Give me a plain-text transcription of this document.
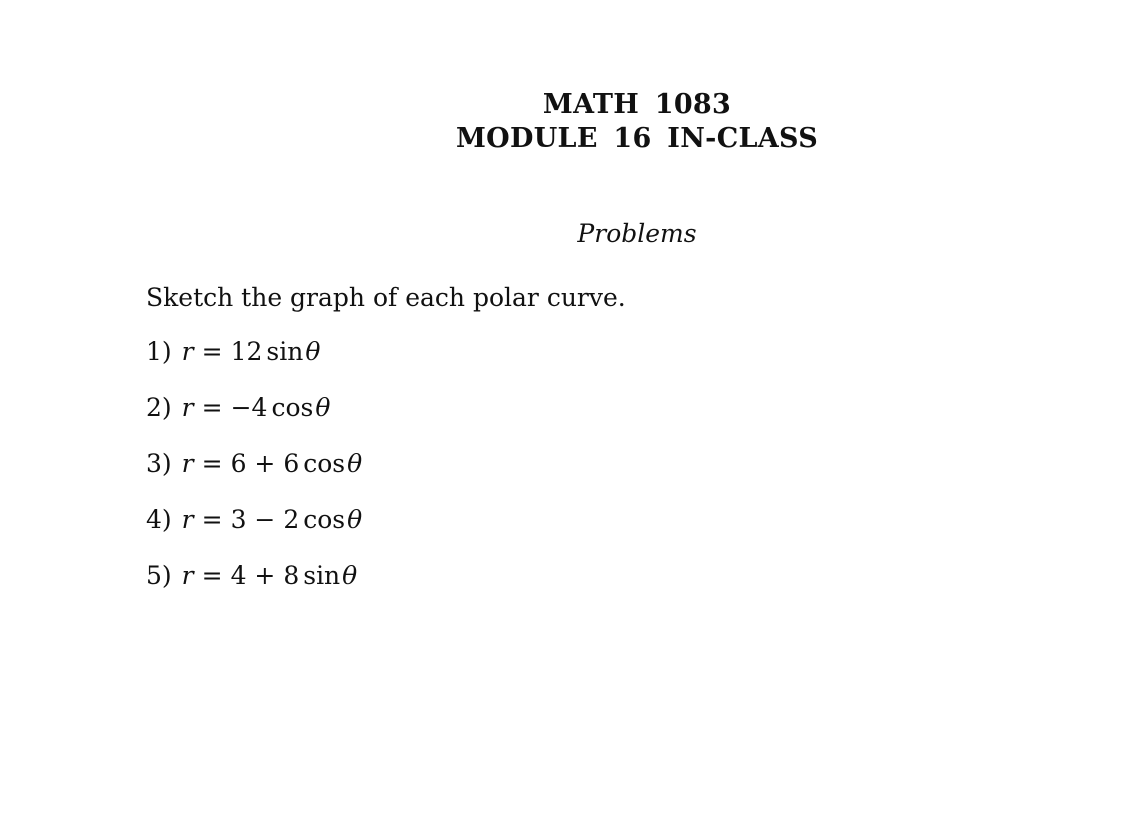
MATH 1083

MODULE 16 IN-CLASS

Problems

Sketch the graph of each polar curve.

1) r = 12 sinθ
2) r = −4 cosθ
3) r = 6 + 6 cosθ
4) r = 3 − 2 cosθ
5) r = 4 + 8 sinθ
